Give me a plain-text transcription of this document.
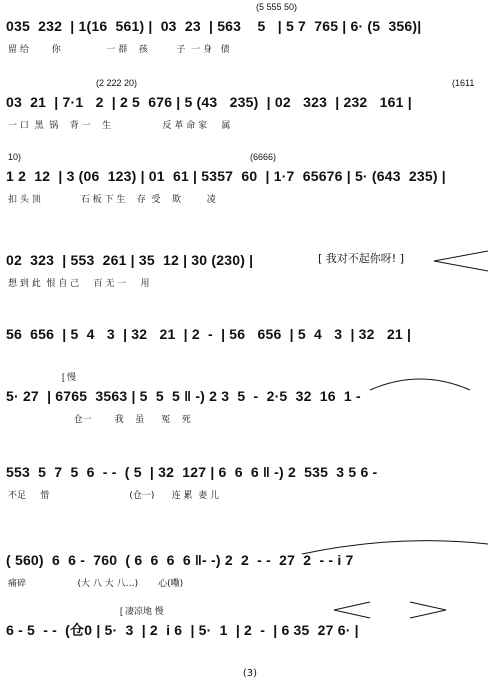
(5 555 50)
035  232  | 1(16  561) |  03  23  | 563    5   | 5 7  765 | 6· (5  356)|
留 给        你                一 群    孩          子  一 身   债
(2 222 20)	(1611
03  21  | 7·1   2  | 2 5  676 | 5 (43   235)  | 02   323  | 232   161 |
一 口  黑  锅    背 一    生                  反 革 命 家     属
10)	(6666)
1 2  12  | 3 (06  123) | 01  61 | 5357  60  | 1·7  65676 | 5· (643  235) |
扣 头 顶              石 板 下 生    存  受    欺         凌
02  323  | 553  261 | 35  12 | 30 (230) |	[ 我对不起你呀! ]
想 到 此  恨 自 己     百 无 一     用
56  656  | 5  4   3  | 32   21  | 2  -  | 56   656  | 5  4   3  | 32   21 |
[ 慢
5· 27  | 6765  3563 | 5  5  5 ‖ -) 2 3  5  -  2·5  32  16  1 -
仓一        我    虽      冤    死
553  5  7  5  6  - -  ( 5  | 32  127 | 6  6  6 ‖ -) 2  535  3 5 6 -
不足     惜                            (仓一)      连 累  妻 儿
( 560)  6  6 -  760  ( 6  6  6  6 ‖- -) 2  2  - -  27  2  - - i 7
痛碎                  (大 八 大 八…)       心(嘞)
[ 凄凉地 慢
6 - 5  - -  (仓0 | 5·  3  | 2  i 6  | 5·  1  | 2  -  | 6 35  27 6· |
(3)
